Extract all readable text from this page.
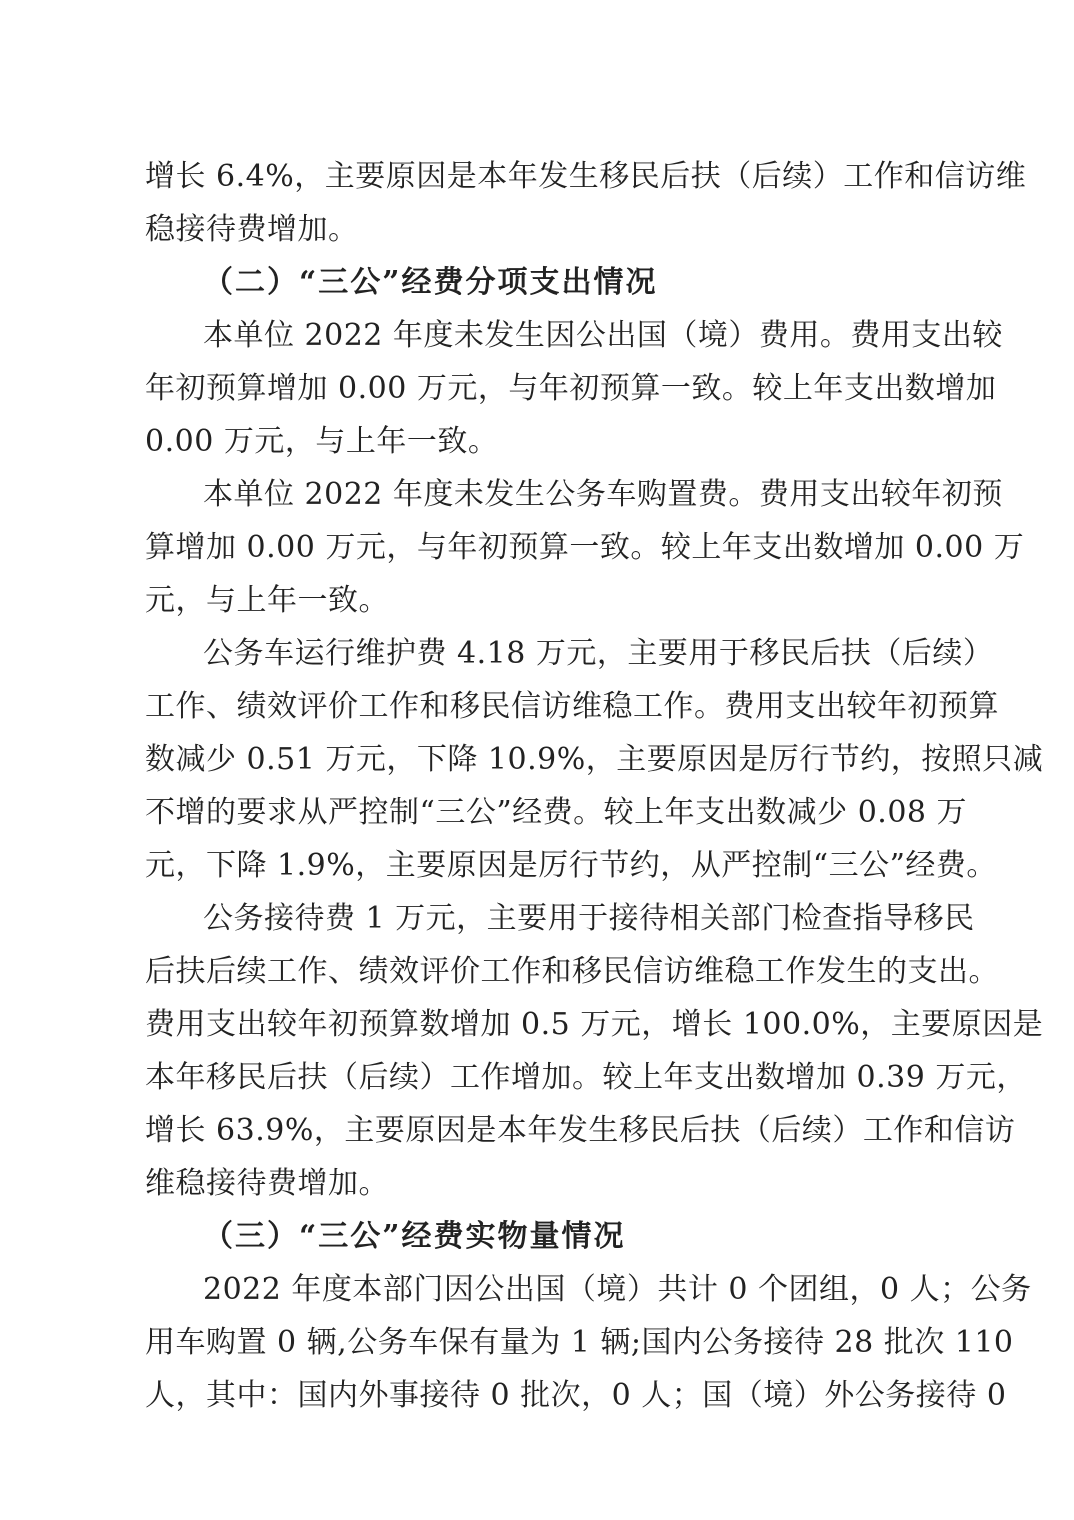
增长 6.4%，主要原因是本年发生移民后扶（后续）工作和信访维
稳接待费增加。
（二）“三公”经费分项支出情况
本单位 2022 年度未发生因公出国（境）费用。费用支出较
年初预算增加 0.00 万元，与年初预算一致。较上年支出数增加
0.00 万元，与上年一致。
本单位 2022 年度未发生公务车购置费。费用支出较年初预
算增加 0.00 万元，与年初预算一致。较上年支出数增加 0.00 万
元，与上年一致。
公务车运行维护费 4.18 万元，主要用于移民后扶（后续）
工作、绩效评价工作和移民信访维稳工作。费用支出较年初预算
数减少 0.51 万元，下降 10.9%，主要原因是厉行节约，按照只减
不增的要求从严控制“三公”经费。较上年支出数减少 0.08 万
元，下降 1.9%，主要原因是厉行节约，从严控制“三公”经费。
公务接待费 1 万元，主要用于接待相关部门检查指导移民
后扶后续工作、绩效评价工作和移民信访维稳工作发生的支出。
费用支出较年初预算数增加 0.5 万元，增长 100.0%，主要原因是
本年移民后扶（后续）工作增加。较上年支出数增加 0.39 万元，
增长 63.9%，主要原因是本年发生移民后扶（后续）工作和信访
维稳接待费增加。
（三）“三公”经费实物量情况
2022 年度本部门因公出国（境）共计 0 个团组，0 人；公务
用车购置 0 辆,公务车保有量为 1 辆;国内公务接待 28 批次 110
人，其中：国内外事接待 0 批次，0 人；国（境）外公务接待 0
